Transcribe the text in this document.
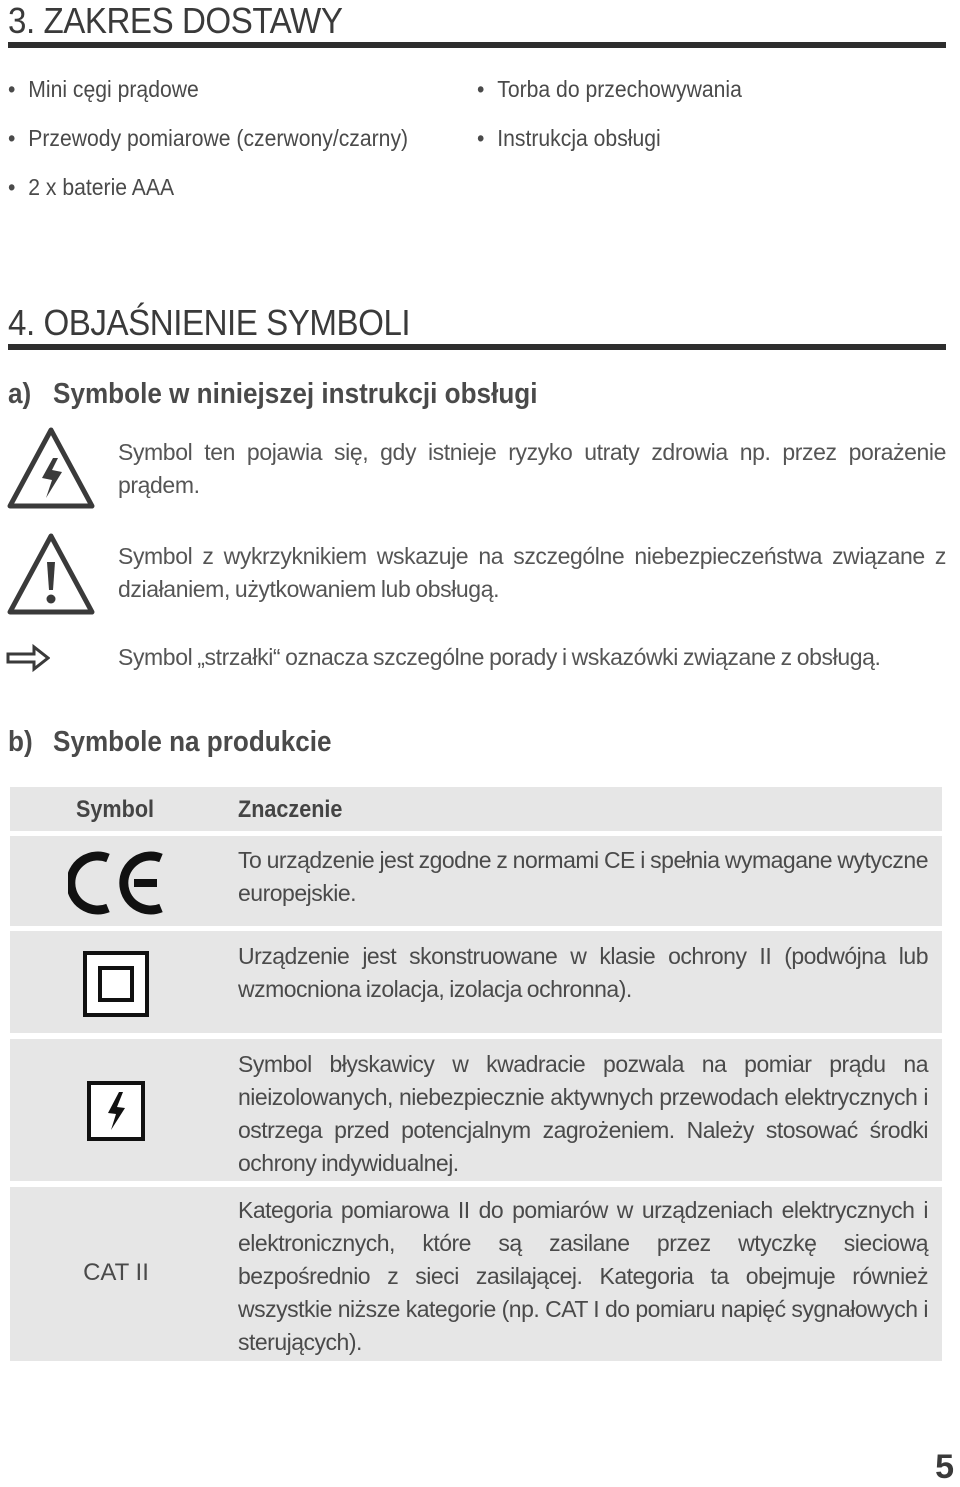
3. ZAKRES DOSTAWY
• Mini cęgi prądowe
• Przewody pomiarowe (czerwony/czarny)
• 2 x baterie AAA
• Torba do przechowywania
• Instrukcja obsługi
4. OBJAŚNIENIE SYMBOLI
a) Symbole w niniejszej instrukcji obsługi
Symbol ten pojawia się, gdy istnieje ryzyko utraty zdrowia np. przez porażenie prądem.
Symbol z wykrzyknikiem wskazuje na szczególne niebezpieczeństwa związane z działaniem, użytkowaniem lub obsługą.
Symbol „strzałki“ oznacza szczególne porady i wskazówki związane z obsługą.
b) Symbole na produkcie
Symbol	Znaczenie
To urządzenie jest zgodne z normami CE i spełnia wymagane wytyczne europejskie.
Urządzenie jest skonstruowane w klasie ochrony II (podwójna lub wzmocniona izolacja, izolacja ochronna).
Symbol błyskawicy w kwadracie pozwala na pomiar prądu na nieizolowanych, niebezpiecznie aktywnych przewodach elektrycznych i ostrzega przed potencjalnym zagrożeniem. Należy stosować środki ochrony indywidualnej.
CAT II
Kategoria pomiarowa II do pomiarów w urządzeniach elektrycznych i elektronicznych, które są zasilane przez wtyczkę sieciową bezpośrednio z sieci zasilającej. Kategoria ta obejmuje również wszystkie niższe kategorie (np. CAT I do pomiaru napięć sygnałowych i sterujących).
5
